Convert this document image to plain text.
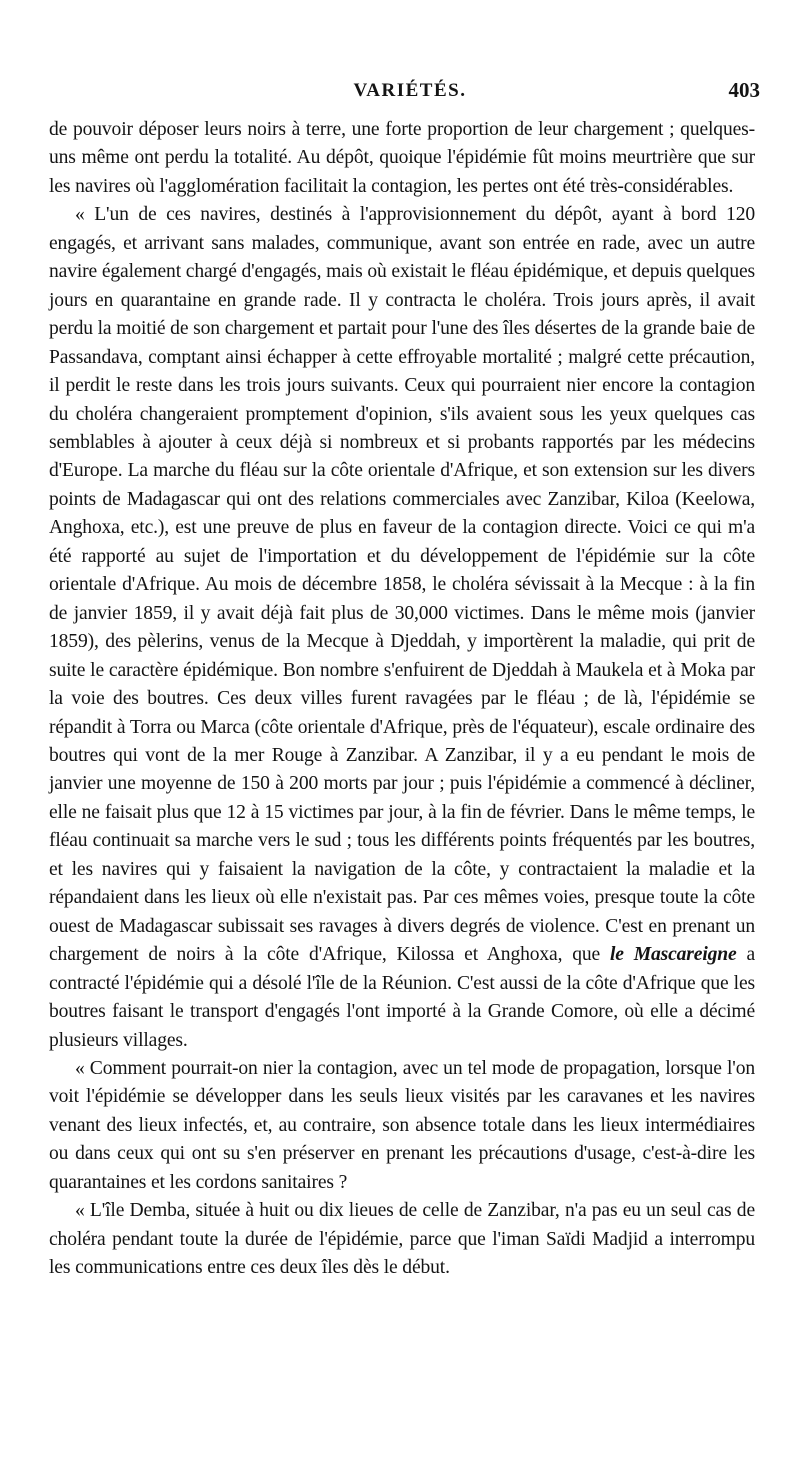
VARIÉTÉS.	403

de pouvoir déposer leurs noirs à terre, une forte proportion de leur chargement ; quelques-uns même ont perdu la totalité. Au dépôt, quoique l'épidémie fût moins meurtrière que sur les navires où l'agglomération facilitait la contagion, les pertes ont été très-considérables.

« L'un de ces navires, destinés à l'approvisionnement du dépôt, ayant à bord 120 engagés, et arrivant sans malades, communique, avant son entrée en rade, avec un autre navire également chargé d'engagés, mais où existait le fléau épidémique, et depuis quelques jours en quarantaine en grande rade. Il y contracta le choléra. Trois jours après, il avait perdu la moitié de son chargement et partait pour l'une des îles désertes de la grande baie de Passandava, comptant ainsi échapper à cette effroyable mortalité ; malgré cette précaution, il perdit le reste dans les trois jours suivants. Ceux qui pourraient nier encore la contagion du choléra changeraient promptement d'opinion, s'ils avaient sous les yeux quelques cas semblables à ajouter à ceux déjà si nombreux et si probants rapportés par les médecins d'Europe. La marche du fléau sur la côte orientale d'Afrique, et son extension sur les divers points de Madagascar qui ont des relations commerciales avec Zanzibar, Kiloa (Keelowa, Anghoxa, etc.), est une preuve de plus en faveur de la contagion directe. Voici ce qui m'a été rapporté au sujet de l'importation et du développement de l'épidémie sur la côte orientale d'Afrique. Au mois de décembre 1858, le choléra sévissait à la Mecque : à la fin de janvier 1859, il y avait déjà fait plus de 30,000 victimes. Dans le même mois (janvier 1859), des pèlerins, venus de la Mecque à Djeddah, y importèrent la maladie, qui prit de suite le caractère épidémique. Bon nombre s'enfuirent de Djeddah à Maukela et à Moka par la voie des boutres. Ces deux villes furent ravagées par le fléau ; de là, l'épidémie se répandit à Torra ou Marca (côte orientale d'Afrique, près de l'équateur), escale ordinaire des boutres qui vont de la mer Rouge à Zanzibar. A Zanzibar, il y a eu pendant le mois de janvier une moyenne de 150 à 200 morts par jour ; puis l'épidémie a commencé à décliner, elle ne faisait plus que 12 à 15 victimes par jour, à la fin de février. Dans le même temps, le fléau continuait sa marche vers le sud ; tous les différents points fréquentés par les boutres, et les navires qui y faisaient la navigation de la côte, y contractaient la maladie et la répandaient dans les lieux où elle n'existait pas. Par ces mêmes voies, presque toute la côte ouest de Madagascar subissait ses ravages à divers degrés de violence. C'est en prenant un chargement de noirs à la côte d'Afrique, Kilossa et Anghoxa, que le Mascareigne a contracté l'épidémie qui a désolé l'île de la Réunion. C'est aussi de la côte d'Afrique que les boutres faisant le transport d'engagés l'ont importé à la Grande Comore, où elle a décimé plusieurs villages.

« Comment pourrait-on nier la contagion, avec un tel mode de propagation, lorsque l'on voit l'épidémie se développer dans les seuls lieux visités par les caravanes et les navires venant des lieux infectés, et, au contraire, son absence totale dans les lieux intermédiaires ou dans ceux qui ont su s'en préserver en prenant les précautions d'usage, c'est-à-dire les quarantaines et les cordons sanitaires ?

« L'île Demba, située à huit ou dix lieues de celle de Zanzibar, n'a pas eu un seul cas de choléra pendant toute la durée de l'épidémie, parce que l'iman Saïdi Madjid a interrompu les communications entre ces deux îles dès le début.
